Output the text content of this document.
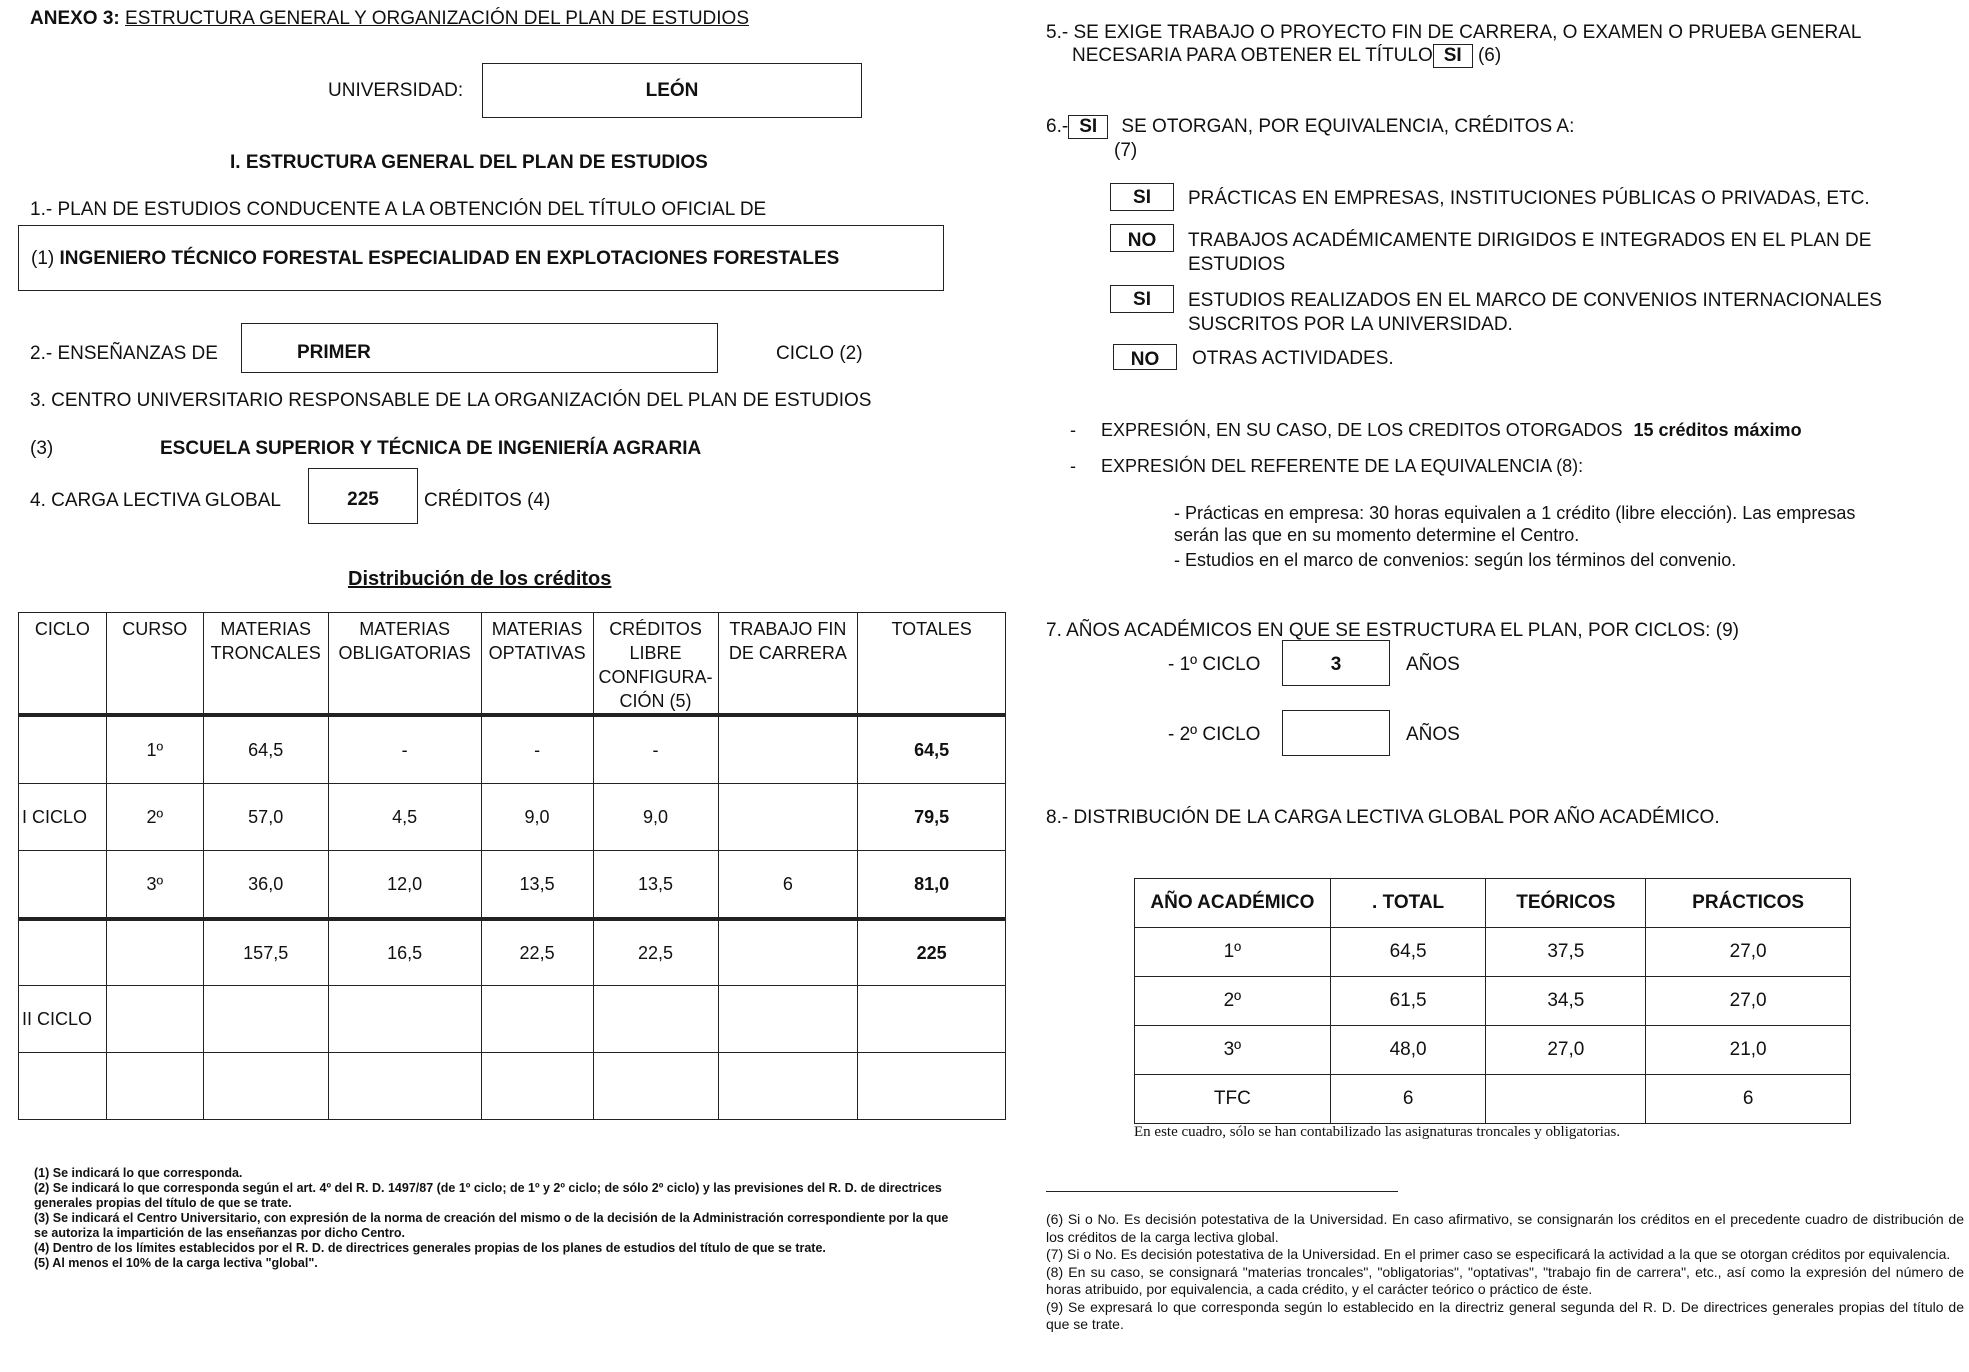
ANEXO 3: ESTRUCTURA GENERAL Y ORGANIZACIÓN DEL PLAN DE ESTUDIOS
UNIVERSIDAD:	LEÓN
I. ESTRUCTURA GENERAL DEL PLAN DE ESTUDIOS
1.- PLAN DE ESTUDIOS CONDUCENTE A LA OBTENCIÓN DEL TÍTULO OFICIAL DE
(1) INGENIERO TÉCNICO FORESTAL ESPECIALIDAD EN EXPLOTACIONES FORESTALES
2.- ENSEÑANZAS DE	PRIMER	CICLO (2)
3. CENTRO UNIVERSITARIO RESPONSABLE DE LA ORGANIZACIÓN DEL PLAN DE ESTUDIOS
(3)	ESCUELA SUPERIOR Y TÉCNICA DE INGENIERÍA AGRARIA
4. CARGA LECTIVA GLOBAL	225	CRÉDITOS (4)
Distribución de los créditos
CICLO	CURSO	MATERIAS TRONCALES	MATERIAS OBLIGATORIAS	MATERIAS OPTATIVAS	CRÉDITOS LIBRE CONFIGURA-CIÓN (5)	TRABAJO FIN DE CARRERA	TOTALES
	1º	64,5	-	-	-		64,5
I CICLO	2º	57,0	4,5	9,0	9,0		79,5
	3º	36,0	12,0	13,5	13,5	6	81,0
		157,5	16,5	22,5	22,5		225
II CICLO							

(1) Se indicará lo que corresponda.
(2) Se indicará lo que corresponda según el art. 4º del R. D. 1497/87 (de 1º ciclo; de 1º y 2º ciclo; de sólo 2º ciclo) y las previsiones del R. D. de directrices generales propias del título de que se trate.
(3) Se indicará el Centro Universitario, con expresión de la norma de creación del mismo o de la decisión de la Administración correspondiente por la que se autoriza la impartición de las enseñanzas por dicho Centro.
(4) Dentro de los límites establecidos por el R. D. de directrices generales propias de los planes de estudios del título de que se trate.
(5) Al menos el 10% de la carga lectiva "global".
5.- SE EXIGE TRABAJO O PROYECTO FIN DE CARRERA, O EXAMEN O PRUEBA GENERAL
NECESARIA PARA OBTENER EL TÍTULO SI (6)
6.- SI SE OTORGAN, POR EQUIVALENCIA, CRÉDITOS A:
(7)
SI	PRÁCTICAS EN EMPRESAS, INSTITUCIONES PÚBLICAS O PRIVADAS, ETC.
NO	TRABAJOS ACADÉMICAMENTE DIRIGIDOS E INTEGRADOS EN EL PLAN DE
ESTUDIOS
SI	ESTUDIOS REALIZADOS EN EL MARCO DE CONVENIOS INTERNACIONALES
SUSCRITOS POR LA UNIVERSIDAD.
NO	OTRAS ACTIVIDADES.
- EXPRESIÓN, EN SU CASO, DE LOS CREDITOS OTORGADOS 15 créditos máximo
- EXPRESIÓN DEL REFERENTE DE LA EQUIVALENCIA (8):
- Prácticas en empresa: 30 horas equivalen a 1 crédito (libre elección). Las empresas
serán las que en su momento determine el Centro.
- Estudios en el marco de convenios: según los términos del convenio.
7. AÑOS ACADÉMICOS EN QUE SE ESTRUCTURA EL PLAN, POR CICLOS: (9)
- 1º CICLO	3	AÑOS
- 2º CICLO	AÑOS
8.- DISTRIBUCIÓN DE LA CARGA LECTIVA GLOBAL POR AÑO ACADÉMICO.
AÑO ACADÉMICO	. TOTAL	TEÓRICOS	PRÁCTICOS
1º	64,5	37,5	27,0
2º	61,5	34,5	27,0
3º	48,0	27,0	21,0
TFC	6		6
En este cuadro, sólo se han contabilizado las asignaturas troncales y obligatorias.
(6) Si o No. Es decisión potestativa de la Universidad. En caso afirmativo, se consignarán los créditos en el precedente cuadro de distribución de los créditos de la carga lectiva global.
(7) Si o No. Es decisión potestativa de la Universidad. En el primer caso se especificará la actividad a la que se otorgan créditos por equivalencia.
(8) En su caso, se consignará "materias troncales", "obligatorias", "optativas", "trabajo fin de carrera", etc., así como la expresión del número de horas atribuido, por equivalencia, a cada crédito, y el carácter teórico o práctico de éste.
(9) Se expresará lo que corresponda según lo establecido en la directriz general segunda del R. D. De directrices generales propias del título de que se trate.
